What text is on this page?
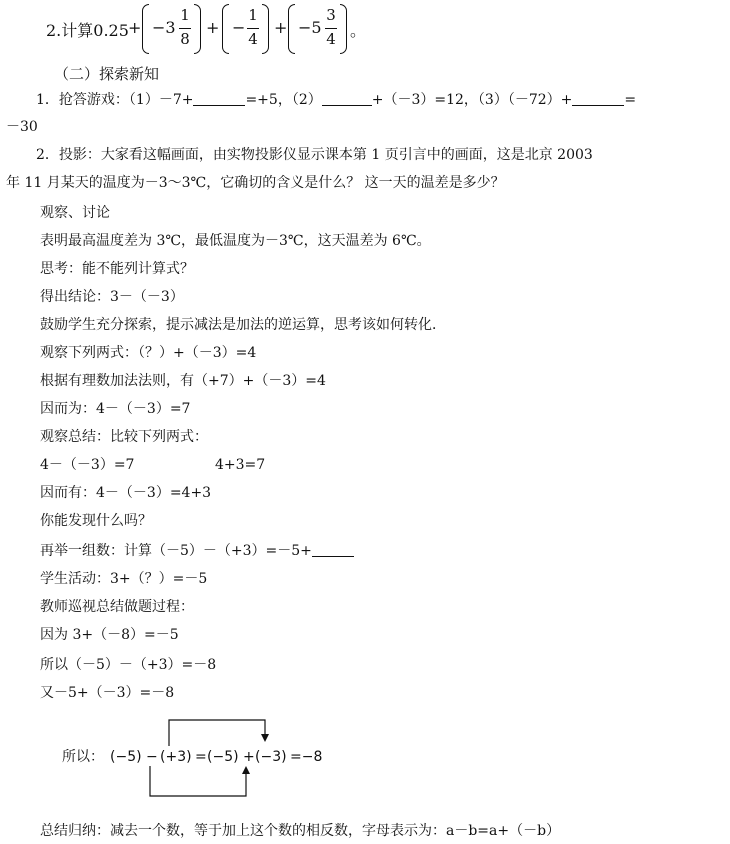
2.计算0.25 + −3
1
8
+ −
1
4
+ −5
3
4 。
（二）探索新知
1．抢答游戏：（1）－7+	=+5，（2）	+（－3）=12，（3）（－72）+	=
－30
2．投影：大家看这幅画面，由实物投影仪显示课本第 1 页引言中的画面，这是北京 2003
年 11 月某天的温度为－3～3℃，它确切的含义是什么？ 这一天的温差是多少？
观察、讨论
表明最高温度差为 3℃，最低温度为－3℃，这天温差为 6℃。
思考：能不能列计算式？
得出结论：3－（－3）
鼓励学生充分探索，提示减法是加法的逆运算，思考该如何转化．
观察下列两式：（？）+（－3）=4
根据有理数加法法则，有（+7）+（－3）=4
因而为：4－（－3）=7
观察总结：比较下列两式：
4－（－3）=7	4+3=7
因而有：4－（－3）=4+3
你能发现什么吗？
再举一组数：计算（－5）－（+3）=－5+
学生活动：3+（？）=－5
教师巡视总结做题过程：
因为 3+（－8）=－5
所以（－5）－（+3）=－8
又－5+（－3）=－8
所以： (−5) − (+3) = (−5) + (−3) =−8
总结归纳：减去一个数，等于加上这个数的相反数，字母表示为：a－b=a+（－b）
